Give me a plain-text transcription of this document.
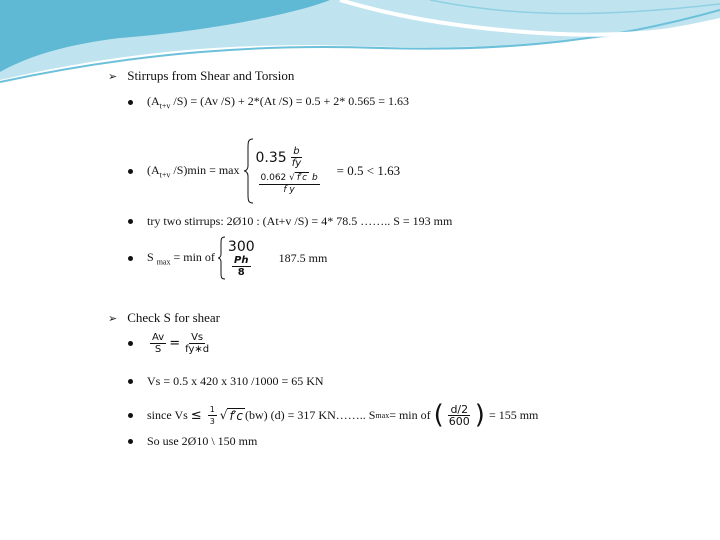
➢ Stirrups from Shear and Torsion
($A_{t+v}$ /S) = (Av /S) + 2*(At /S) = 0.5 + 2* 0.565 = 1.63
($A_{t+v}$ /S)min = max
$0.35 \frac{b}{fy}$
$\frac{\text{0.062 √ f′c b}}{\text{f y}}$
= 0.5 < 1.63
try two stirrups: 2Ø10 : (At+v /S) = 4* 78.5 …….. S = 193 mm
S $_{max}$ = min of
300
$\frac{Ph}{8} 187.5$ mm
➢ Check S for shear
$\frac{Av}{S} = \frac{Vs}{fy∗d}$
Vs = 0.5 x 420 x 310 /1000 = 65 KN
since $Vs \le \frac{1}{3}$ √ f′c (bw) (d) = 317 KN…….. S max = min of ( $\frac{d/2}{600}$ ) = 155 mm
So use 2Ø10 \ 150 mm
